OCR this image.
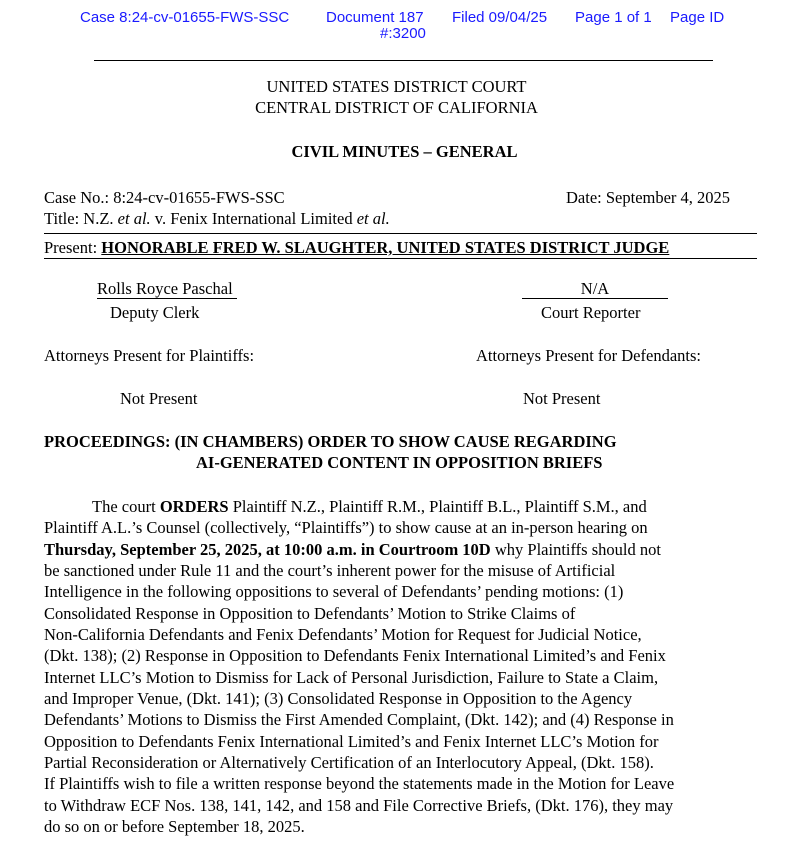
Case 8:24-cv-01655-FWS-SSC Document 187 Filed 09/04/25 Page 1 of 1 Page ID
#:3200
UNITED STATES DISTRICT COURT
CENTRAL DISTRICT OF CALIFORNIA
CIVIL MINUTES – GENERAL
Case No.: 8:24-cv-01655-FWS-SSC	Date: September 4, 2025
Title: N.Z. et al. v. Fenix International Limited et al.
Present: HONORABLE FRED W. SLAUGHTER, UNITED STATES DISTRICT JUDGE
Rolls Royce Paschal
Deputy Clerk
N/A
Court Reporter
Attorneys Present for Plaintiffs:	Attorneys Present for Defendants:
Not Present	Not Present
PROCEEDINGS: (IN CHAMBERS) ORDER TO SHOW CAUSE REGARDING
AI-GENERATED CONTENT IN OPPOSITION BRIEFS
The court ORDERS Plaintiff N.Z., Plaintiff R.M., Plaintiff B.L., Plaintiff S.M., and
Plaintiff A.L.’s Counsel (collectively, “Plaintiffs”) to show cause at an in-person hearing on
Thursday, September 25, 2025, at 10:00 a.m. in Courtroom 10D why Plaintiffs should not
be sanctioned under Rule 11 and the court’s inherent power for the misuse of Artificial
Intelligence in the following oppositions to several of Defendants’ pending motions: (1)
Consolidated Response in Opposition to Defendants’ Motion to Strike Claims of
Non-California Defendants and Fenix Defendants’ Motion for Request for Judicial Notice,
(Dkt. 138); (2) Response in Opposition to Defendants Fenix International Limited’s and Fenix
Internet LLC’s Motion to Dismiss for Lack of Personal Jurisdiction, Failure to State a Claim,
and Improper Venue, (Dkt. 141); (3) Consolidated Response in Opposition to the Agency
Defendants’ Motions to Dismiss the First Amended Complaint, (Dkt. 142); and (4) Response in
Opposition to Defendants Fenix International Limited’s and Fenix Internet LLC’s Motion for
Partial Reconsideration or Alternatively Certification of an Interlocutory Appeal, (Dkt. 158).
If Plaintiffs wish to file a written response beyond the statements made in the Motion for Leave
to Withdraw ECF Nos. 138, 141, 142, and 158 and File Corrective Briefs, (Dkt. 176), they may
do so on or before September 18, 2025.
